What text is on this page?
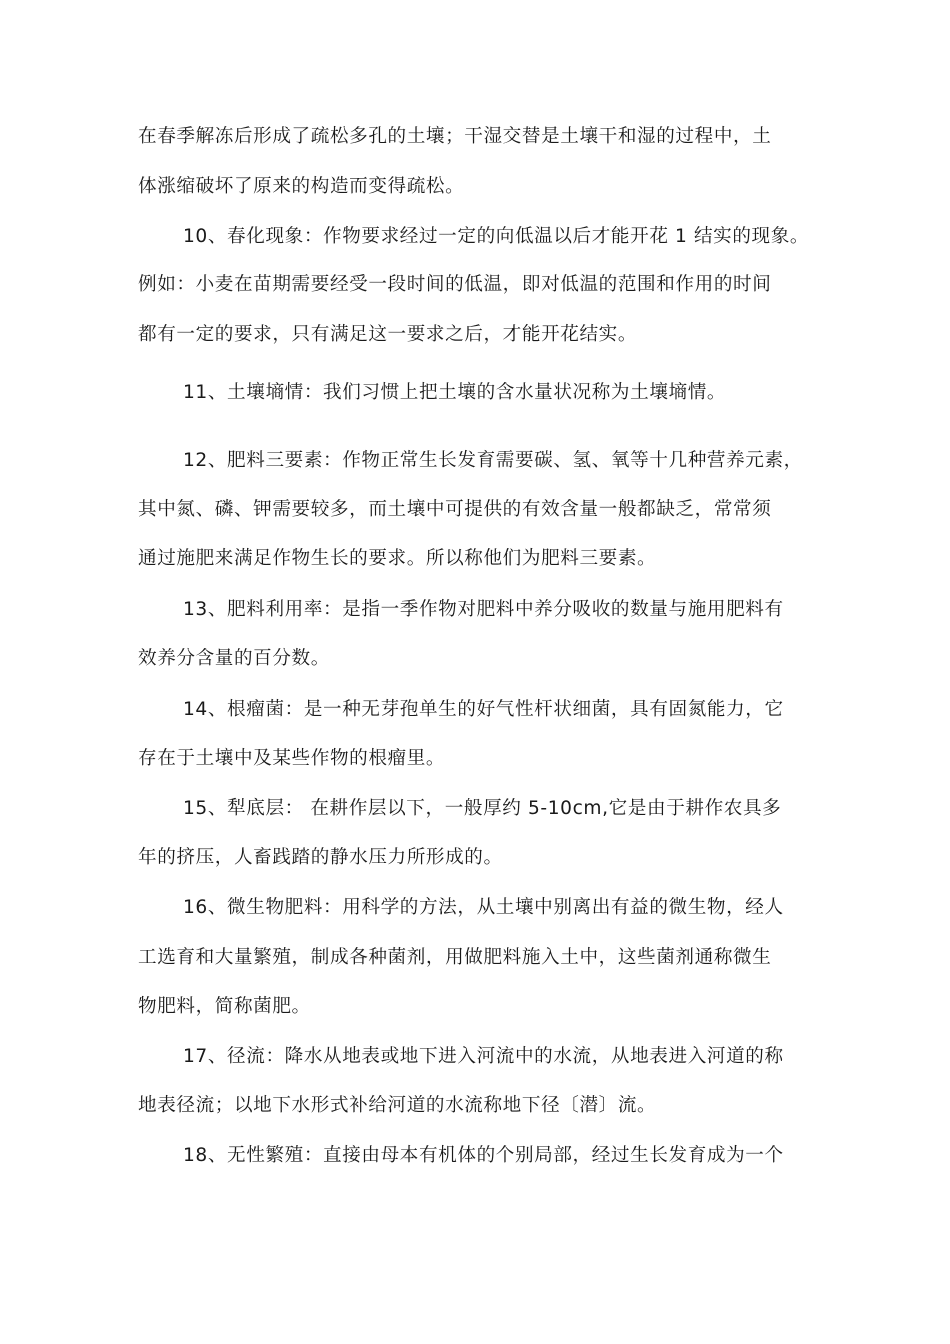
在春季解冻后形成了疏松多孔的土壤；干湿交替是土壤干和湿的过程中，土
体涨缩破坏了原来的构造而变得疏松。
10、春化现象：作物要求经过一定的向低温以后才能开花 1 结实的现象。
例如：小麦在苗期需要经受一段时间的低温，即对低温的范围和作用的时间
都有一定的要求，只有满足这一要求之后，才能开花结实。
11、土壤墒情：我们习惯上把土壤的含水量状况称为土壤墒情。
12、肥料三要素：作物正常生长发育需要碳、氢、氧等十几种营养元素，
其中氮、磷、钾需要较多，而土壤中可提供的有效含量一般都缺乏，常常须
通过施肥来满足作物生长的要求。所以称他们为肥料三要素。
13、肥料利用率：是指一季作物对肥料中养分吸收的数量与施用肥料有
效养分含量的百分数。
14、根瘤菌：是一种无芽孢单生的好气性杆状细菌，具有固氮能力，它
存在于土壤中及某些作物的根瘤里。
15、犁底层： 在耕作层以下，一般厚约 5-10cm,它是由于耕作农具多
年的挤压，人畜践踏的静水压力所形成的。
16、微生物肥料：用科学的方法，从土壤中别离出有益的微生物，经人
工选育和大量繁殖，制成各种菌剂，用做肥料施入土中，这些菌剂通称微生
物肥料，简称菌肥。
17、径流：降水从地表或地下进入河流中的水流，从地表进入河道的称
地表径流；以地下水形式补给河道的水流称地下径〔潜〕流。
18、无性繁殖：直接由母本有机体的个别局部，经过生长发育成为一个
